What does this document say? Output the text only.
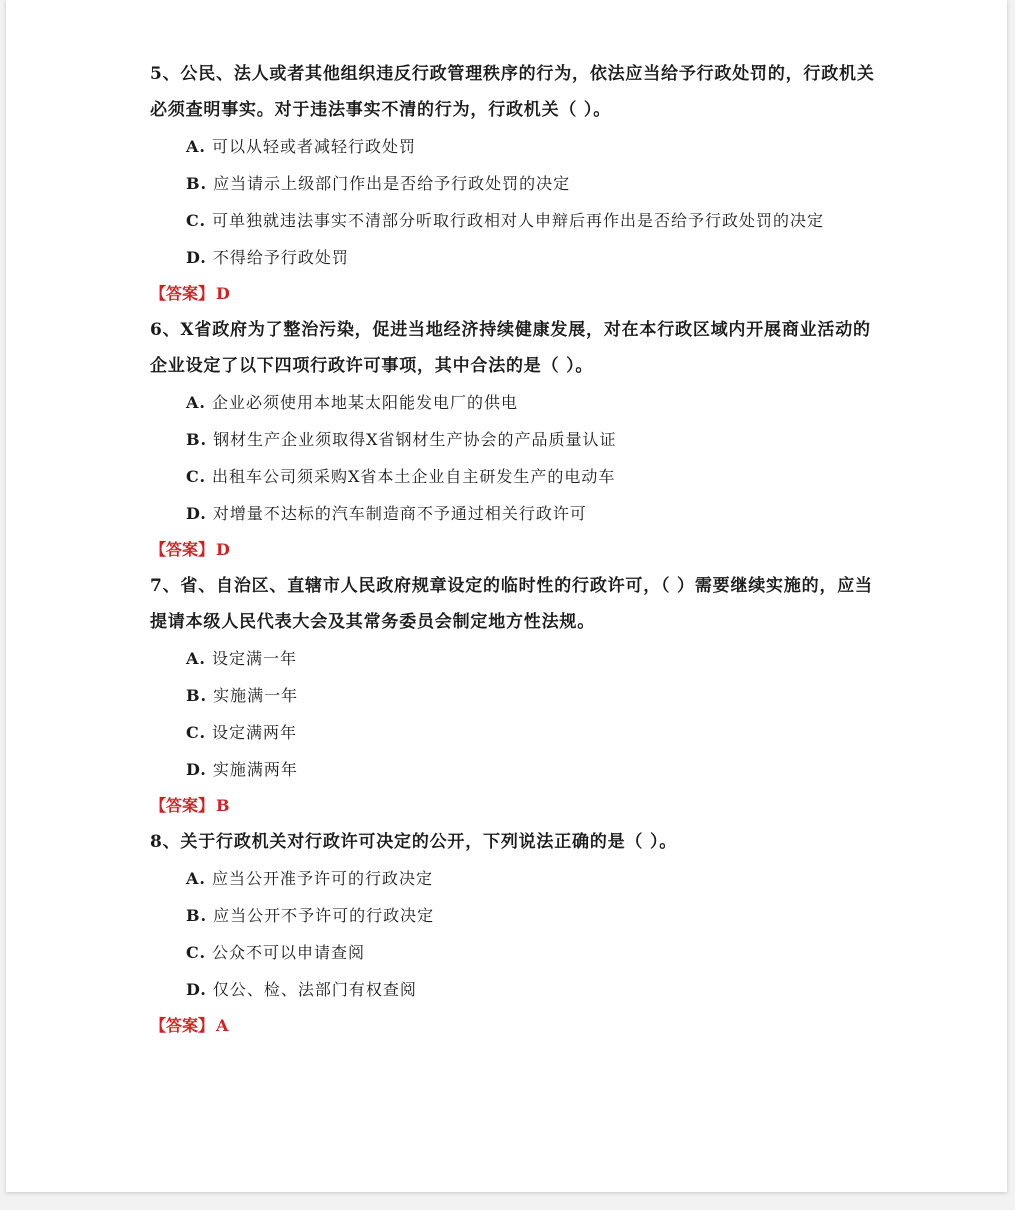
5、公民、法人或者其他组织违反行政管理秩序的行为，依法应当给予行政处罚的，行政机关必须查明事实。对于违法事实不清的行为，行政机关（ ）。

A. 可以从轻或者减轻行政处罚
B. 应当请示上级部门作出是否给予行政处罚的决定
C. 可单独就违法事实不清部分听取行政相对人申辩后再作出是否给予行政处罚的决定
D. 不得给予行政处罚
【答案】 D

6、X省政府为了整治污染，促进当地经济持续健康发展，对在本行政区域内开展商业活动的企业设定了以下四项行政许可事项，其中合法的是（ ）。

A. 企业必须使用本地某太阳能发电厂的供电
B. 钢材生产企业须取得X省钢材生产协会的产品质量认证
C. 出租车公司须采购X省本土企业自主研发生产的电动车
D. 对增量不达标的汽车制造商不予通过相关行政许可
【答案】 D

7、省、自治区、直辖市人民政府规章设定的临时性的行政许可，（ ）需要继续实施的，应当提请本级人民代表大会及其常务委员会制定地方性法规。

A. 设定满一年
B. 实施满一年
C. 设定满两年
D. 实施满两年
【答案】 B

8、关于行政机关对行政许可决定的公开，下列说法正确的是（ ）。

A. 应当公开准予许可的行政决定
B. 应当公开不予许可的行政决定
C. 公众不可以申请查阅
D. 仅公、检、法部门有权查阅
【答案】 A
